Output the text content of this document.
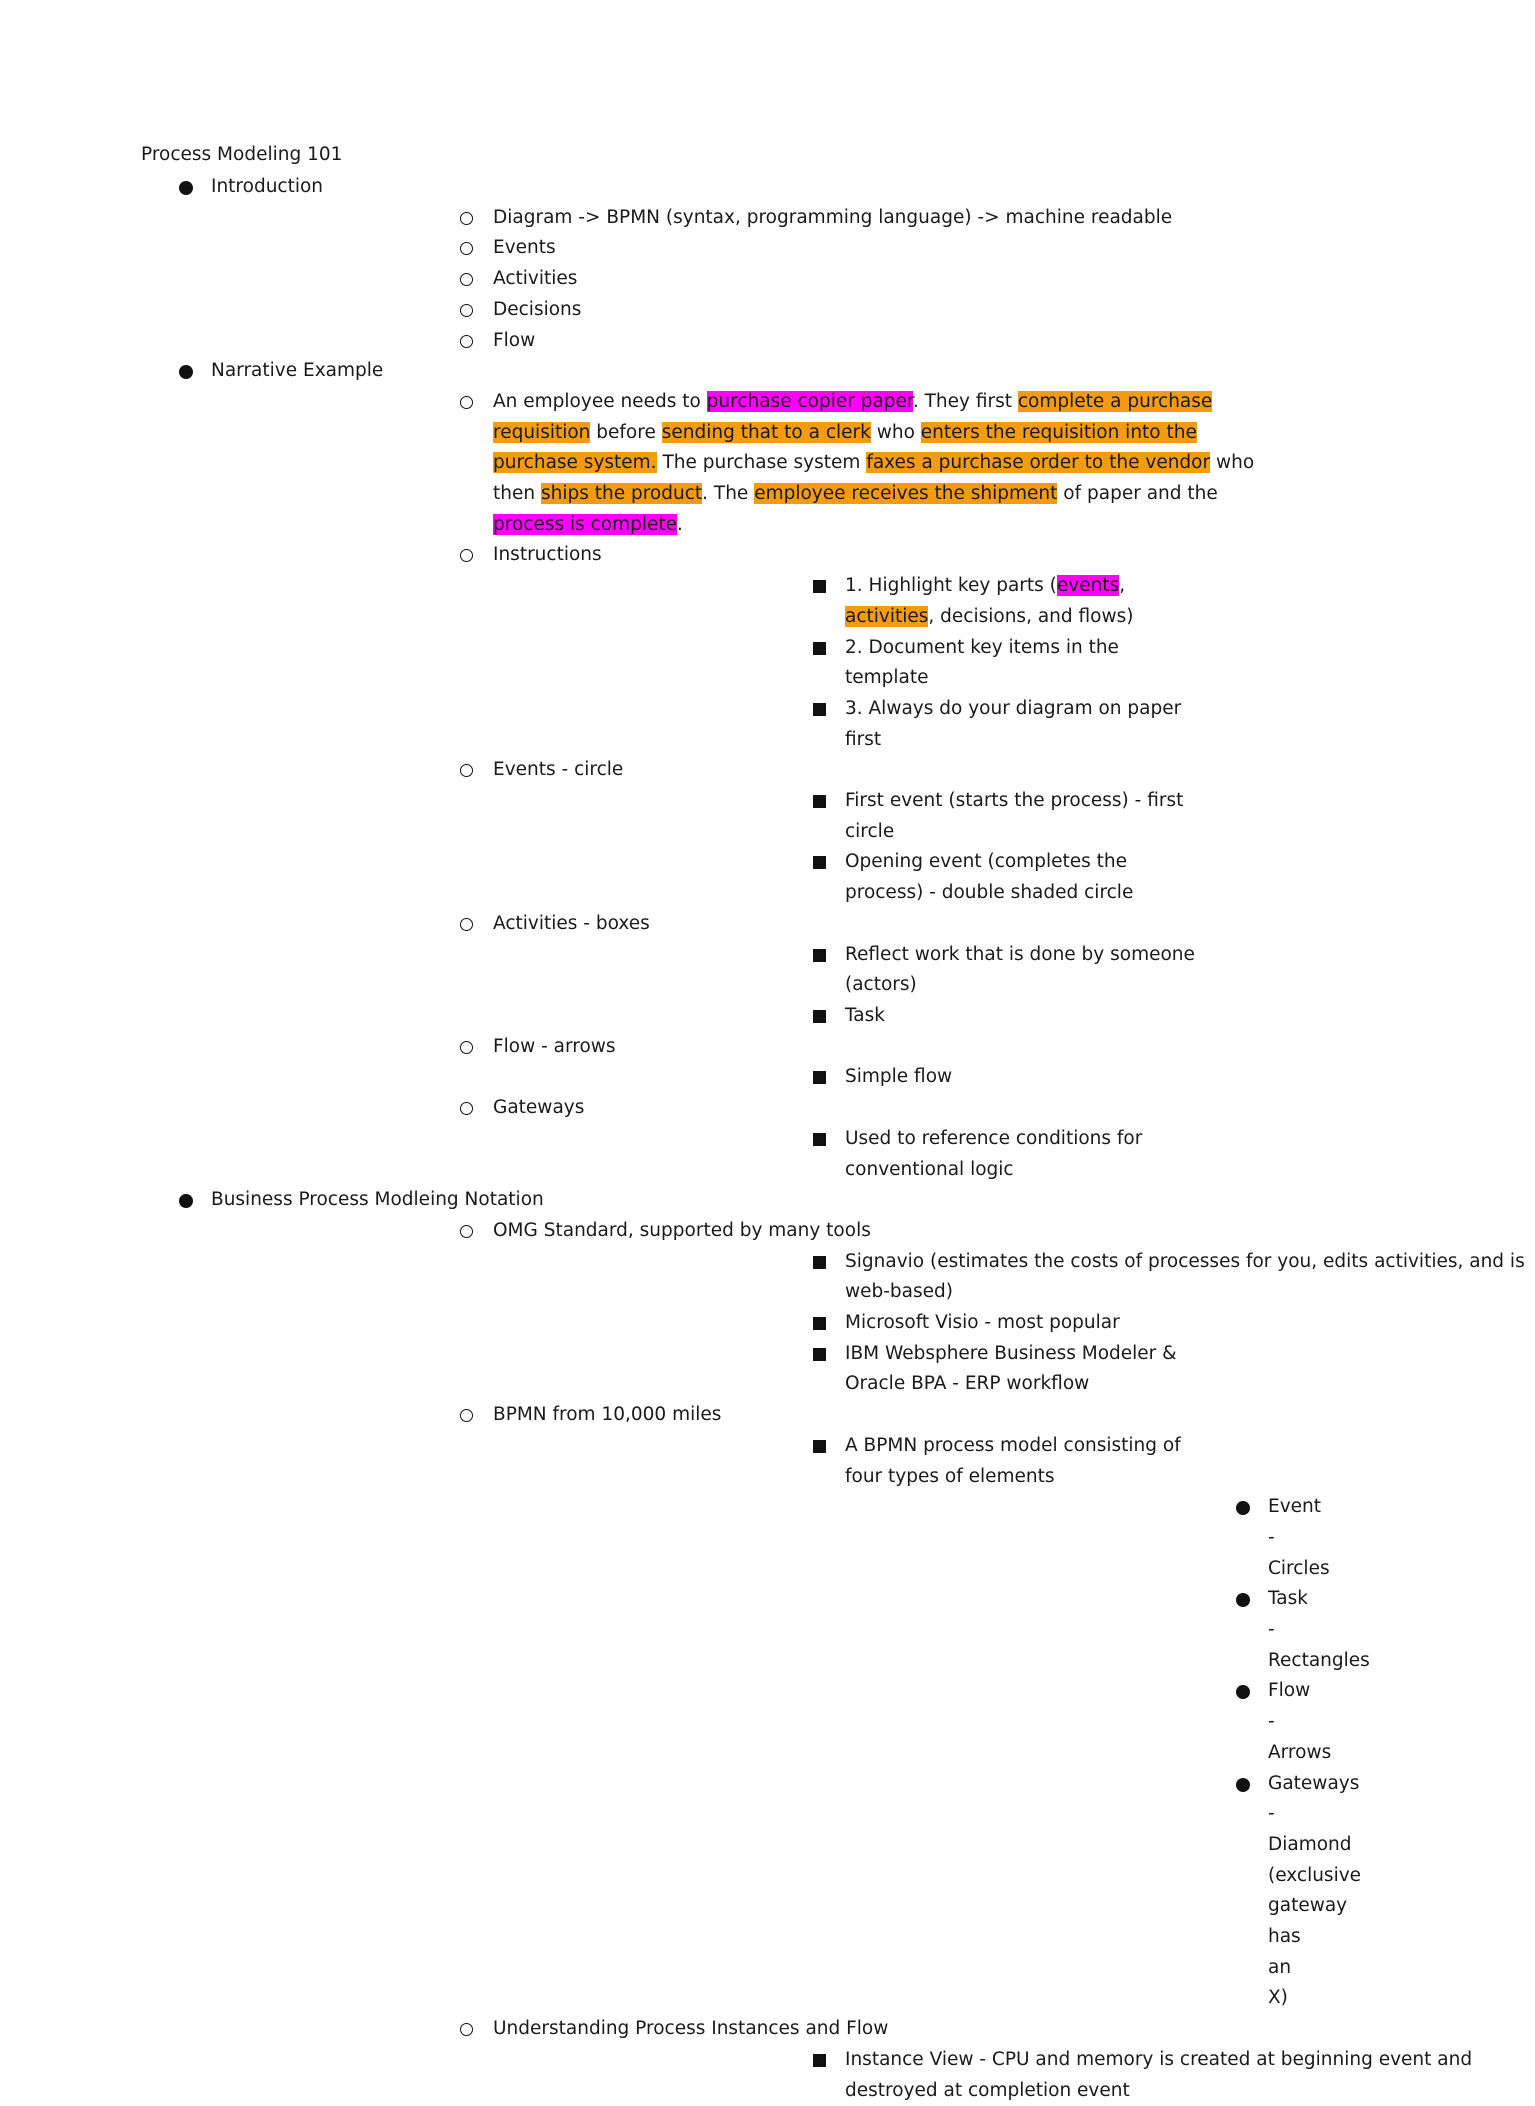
Process Modeling 101
Introduction
Diagram -> BPMN (syntax, programming language) -> machine readable
Events
Activities
Decisions
Flow
Narrative Example
An employee needs to purchase copier paper. They first complete a purchase requisition before sending that to a clerk who enters the requisition into the purchase system. The purchase system faxes a purchase order to the vendor who then ships the product. The employee receives the shipment of paper and the process is complete.
Instructions
1. Highlight key parts (events, activities, decisions, and flows)
2. Document key items in the template
3. Always do your diagram on paper first
Events - circle
First event (starts the process) - first circle
Opening event (completes the process) - double shaded circle
Activities - boxes
Reflect work that is done by someone (actors)
Task
Flow - arrows
Simple flow
Gateways
Used to reference conditions for conventional logic
Business Process Modleing Notation
OMG Standard, supported by many tools
Signavio (estimates the costs of processes for you, edits activities, and is web-based)
Microsoft Visio - most popular
IBM Websphere Business Modeler & Oracle BPA - ERP workflow
BPMN from 10,000 miles
A BPMN process model consisting of four types of elements
Event - Circles
Task - Rectangles
Flow - Arrows
Gateways - Diamond (exclusive gateway has an X)
Understanding Process Instances and Flow
Instance View - CPU and memory is created at beginning event and destroyed at completion event
